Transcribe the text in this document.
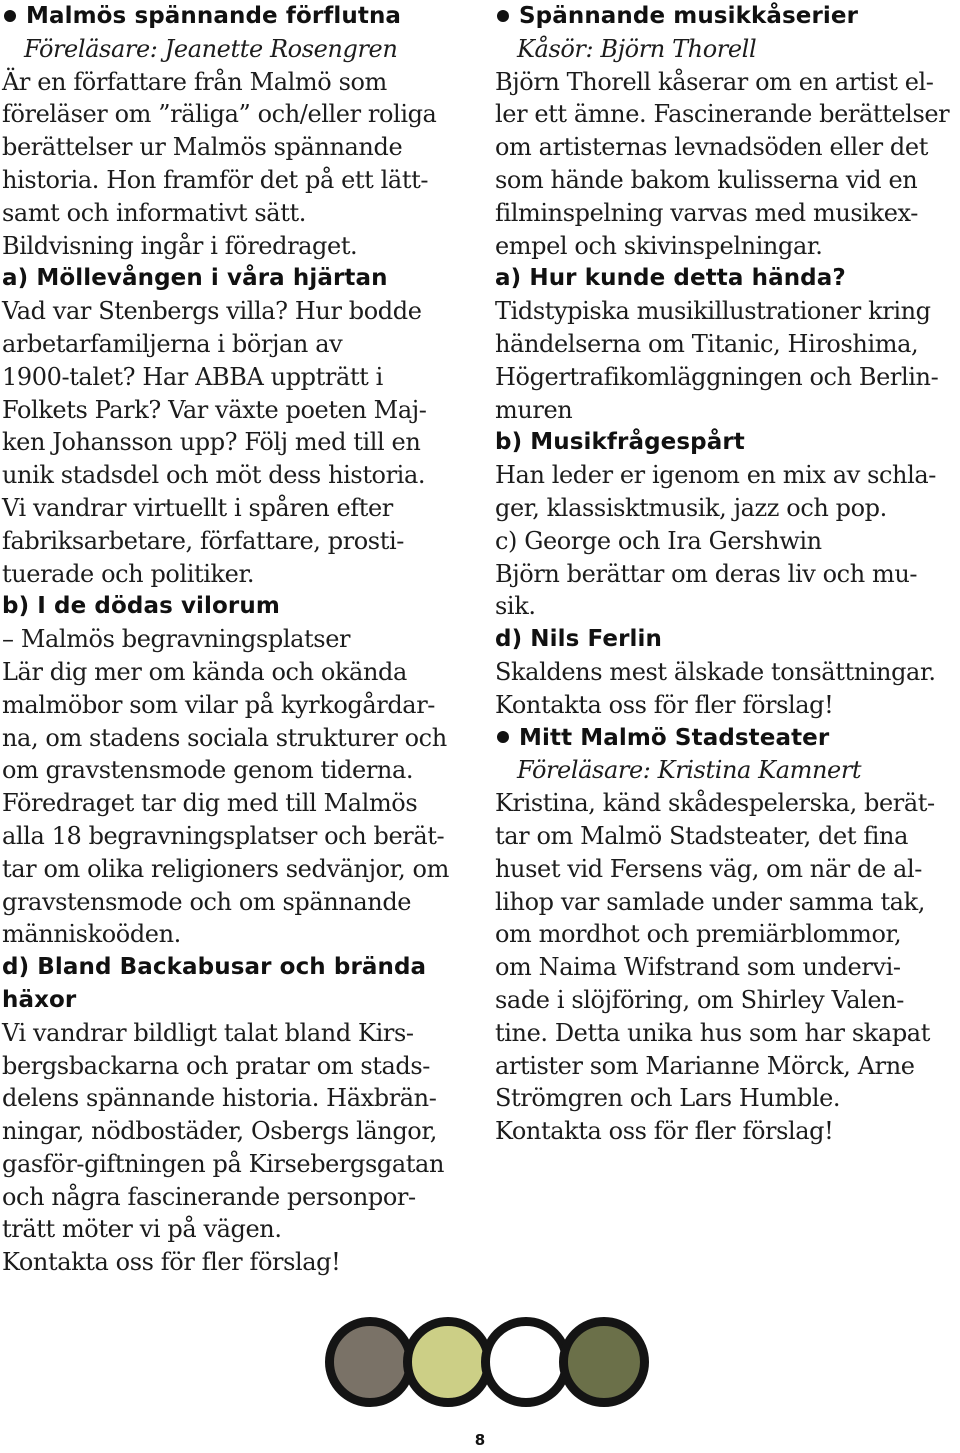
Malmös spännande förflutna
Föreläsare: Jeanette Rosengren
Är en författare från Malmö som
föreläser om ”räliga” och/eller roliga
berättelser ur Malmös spännande
historia. Hon framför det på ett lätt-
samt och informativt sätt.
Bildvisning ingår i föredraget.
a) Möllevången i våra hjärtan
Vad var Stenbergs villa? Hur bodde
arbetarfamiljerna i början av
1900-talet? Har ABBA uppträtt i
Folkets Park? Var växte poeten Maj-
ken Johansson upp? Följ med till en
unik stadsdel och möt dess historia.
Vi vandrar virtuellt i spåren efter
fabriksarbetare, författare, prosti-
tuerade och politiker.
b) I de dödas vilorum
– Malmös begravningsplatser
Lär dig mer om kända och okända
malmöbor som vilar på kyrkogårdar-
na, om stadens sociala strukturer och
om gravstensmode genom tiderna.
Föredraget tar dig med till Malmös
alla 18 begravningsplatser och berät-
tar om olika religioners sedvänjor, om
gravstensmode och om spännande
människoöden.
d) Bland Backabusar och brända
häxor
Vi vandrar bildligt talat bland Kirs-
bergsbackarna och pratar om stads-
delens spännande historia. Häxbrän-
ningar, nödbostäder, Osbergs längor,
gasför-giftningen på Kirsebergsgatan
och några fascinerande personpor-
trätt möter vi på vägen.
Kontakta oss för fler förslag!
Spännande musikkåserier
Kåsör: Björn Thorell
Björn Thorell kåserar om en artist el-
ler ett ämne. Fascinerande berättelser
om artisternas levnadsöden eller det
som hände bakom kulisserna vid en
filminspelning varvas med musikex-
empel och skivinspelningar.
a) Hur kunde detta hända?
Tidstypiska musikillustrationer kring
händelserna om Titanic, Hiroshima,
Högertrafikomläggningen och Berlin-
muren
b) Musikfrågespårt
Han leder er igenom en mix av schla-
ger, klassisktmusik, jazz och pop.
c) George och Ira Gershwin
Björn berättar om deras liv och mu-
sik.
d) Nils Ferlin
Skaldens mest älskade tonsättningar.
Kontakta oss för fler förslag!
Mitt Malmö Stadsteater
Föreläsare: Kristina Kamnert
Kristina, känd skådespelerska, berät-
tar om Malmö Stadsteater, det fina
huset vid Fersens väg, om när de al-
lihop var samlade under samma tak,
om mordhot och premiärblommor,
om Naima Wifstrand som undervi-
sade i slöjföring, om Shirley Valen-
tine. Detta unika hus som har skapat
artister som Marianne Mörck, Arne
Strömgren och Lars Humble.
Kontakta oss för fler förslag!
8
